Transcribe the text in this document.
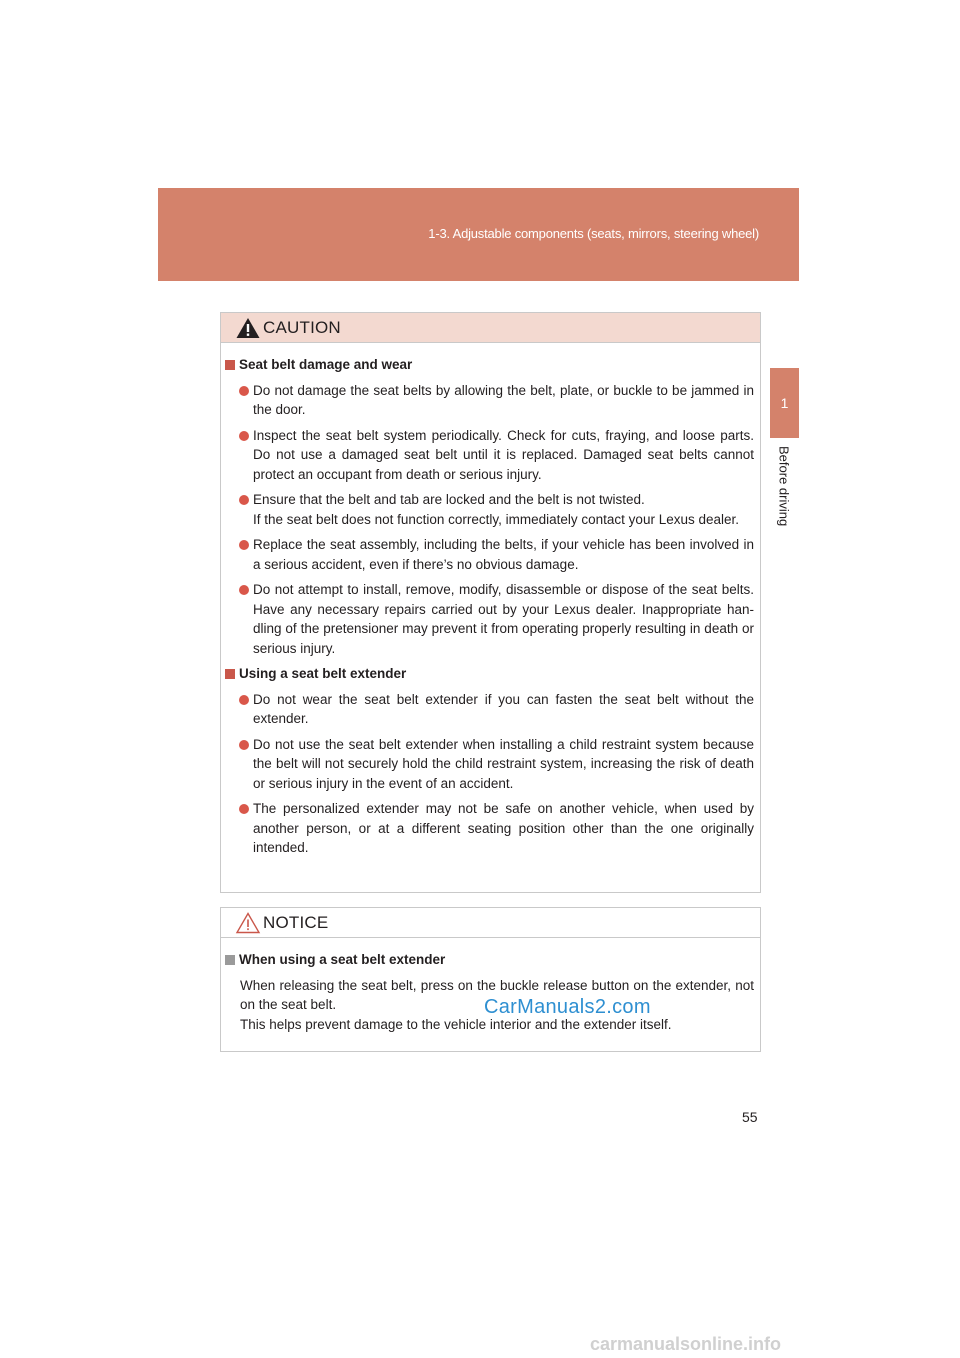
1-3. Adjustable components (seats, mirrors, steering wheel)
1
Before driving
CAUTION
Seat belt damage and wear
Do not damage the seat belts by allowing the belt, plate, or buckle to be jammed in the door.
Inspect the seat belt system periodically. Check for cuts, fraying, and loose parts. Do not use a damaged seat belt until it is replaced. Damaged seat belts cannot protect an occupant from death or serious injury.
Ensure that the belt and tab are locked and the belt is not twisted.
If the seat belt does not function correctly, immediately contact your Lexus dealer.
Replace the seat assembly, including the belts, if your vehicle has been involved in a serious accident, even if there’s no obvious damage.
Do not attempt to install, remove, modify, disassemble or dispose of the seat belts. Have any necessary repairs carried out by your Lexus dealer. Inappropriate han-dling of the pretensioner may prevent it from operating properly resulting in death or serious injury.
Using a seat belt extender
Do not wear the seat belt extender if you can fasten the seat belt without the extender.
Do not use the seat belt extender when installing a child restraint system because the belt will not securely hold the child restraint system, increasing the risk of death or serious injury in the event of an accident.
The personalized extender may not be safe on another vehicle, when used by another person, or at a different seating position other than the one originally intended.
NOTICE
When using a seat belt extender
When releasing the seat belt, press on the buckle release button on the extender, not on the seat belt.
This helps prevent damage to the vehicle interior and the extender itself.
CarManuals2.com
55
carmanualsonline.info
